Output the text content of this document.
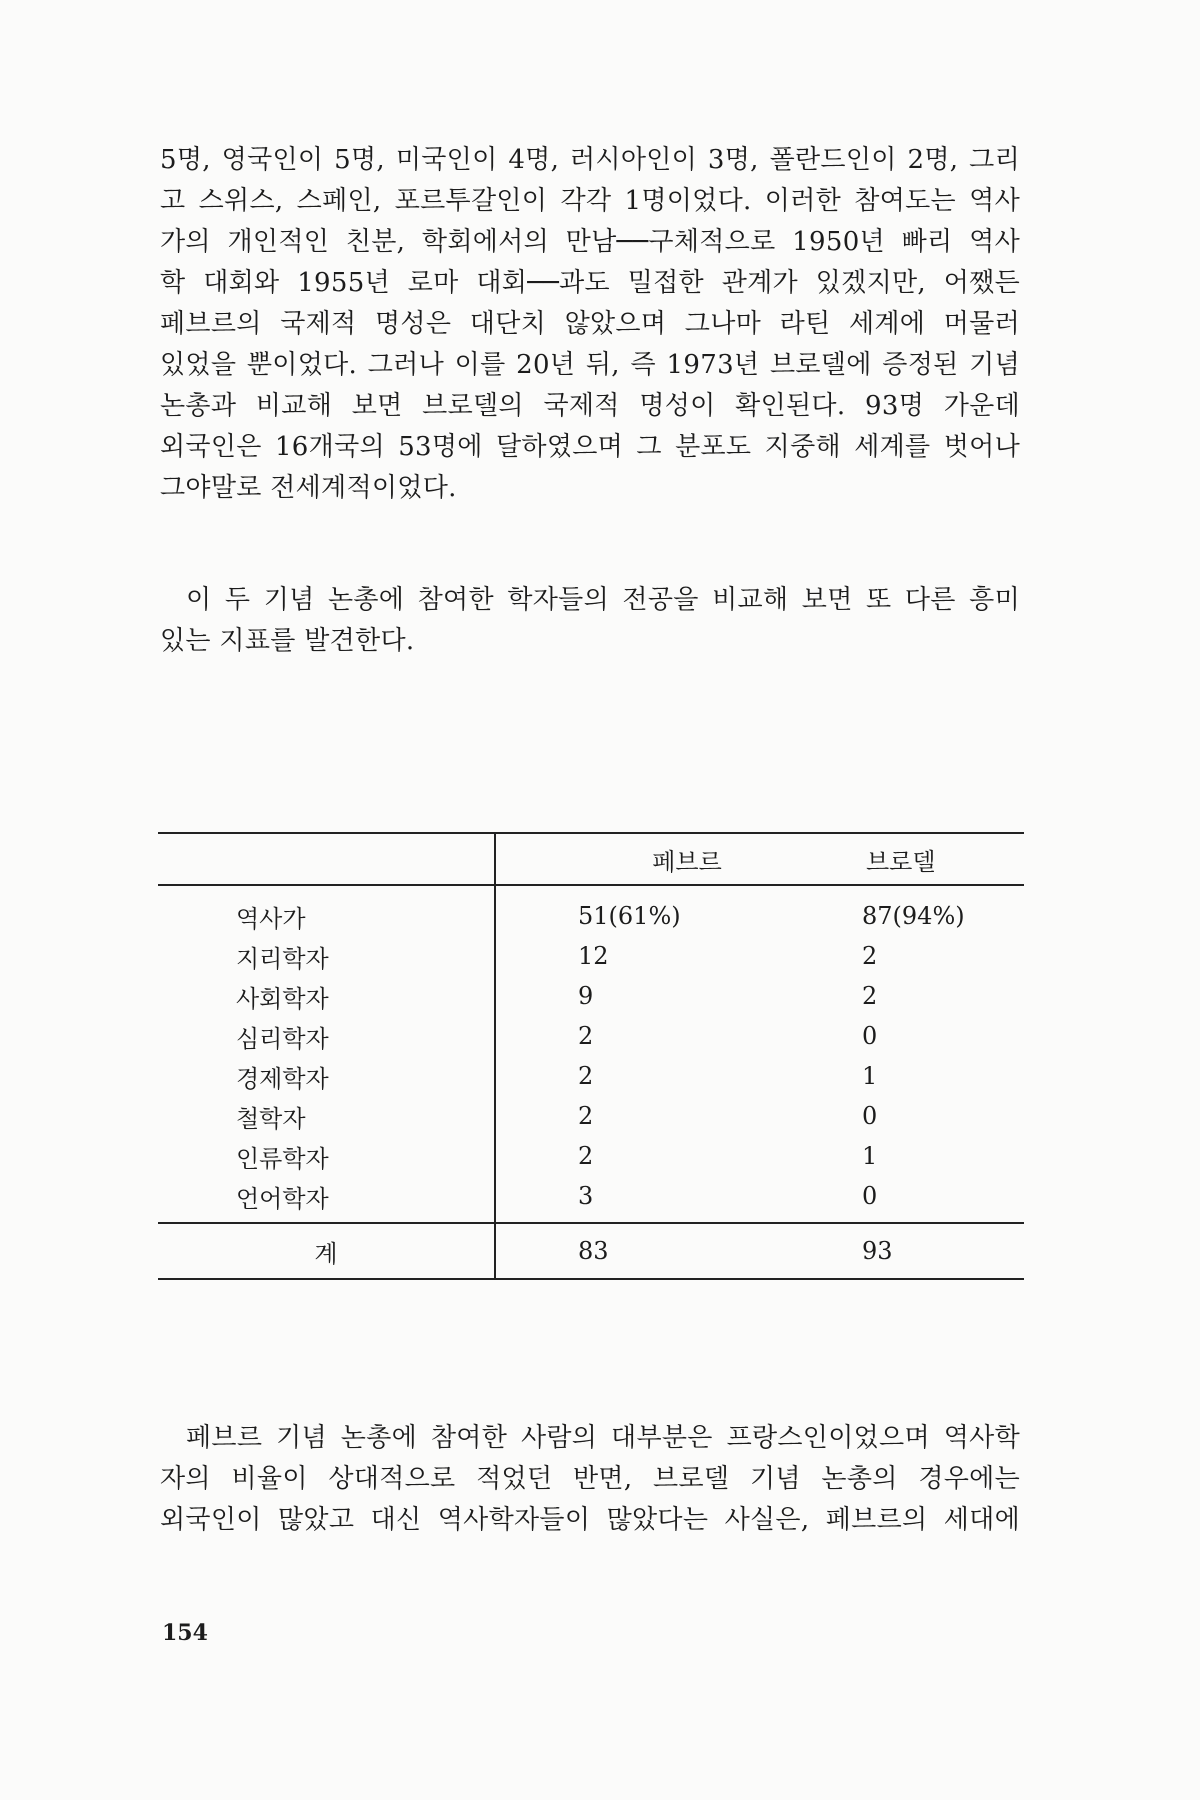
5명, 영국인이 5명, 미국인이 4명, 러시아인이 3명, 폴란드인이 2명, 그리
고 스위스, 스페인, 포르투갈인이 각각 1명이었다. 이러한 참여도는 역사
가의 개인적인 친분, 학회에서의 만남──구체적으로 1950년 빠리 역사
학 대회와 1955년 로마 대회──과도 밀접한 관계가 있겠지만, 어쨌든
페브르의 국제적 명성은 대단치 않았으며 그나마 라틴 세계에 머물러
있었을 뿐이었다. 그러나 이를 20년 뒤, 즉 1973년 브로델에 증정된 기념
논총과 비교해 보면 브로델의 국제적 명성이 확인된다. 93명 가운데
외국인은 16개국의 53명에 달하였으며 그 분포도 지중해 세계를 벗어나
그야말로 전세계적이었다.

이 두 기념 논총에 참여한 학자들의 전공을 비교해 보면 또 다른 흥미
있는 지표를 발견한다.

	페브르	브로델
역사가	51(61%)	87(94%)
지리학자	12	2
사회학자	9	2
심리학자	2	0
경제학자	2	1
철학자	2	0
인류학자	2	1
언어학자	3	0
계	83	93

페브르 기념 논총에 참여한 사람의 대부분은 프랑스인이었으며 역사학
자의 비율이 상대적으로 적었던 반면, 브로델 기념 논총의 경우에는
외국인이 많았고 대신 역사학자들이 많았다는 사실은, 페브르의 세대에

154
